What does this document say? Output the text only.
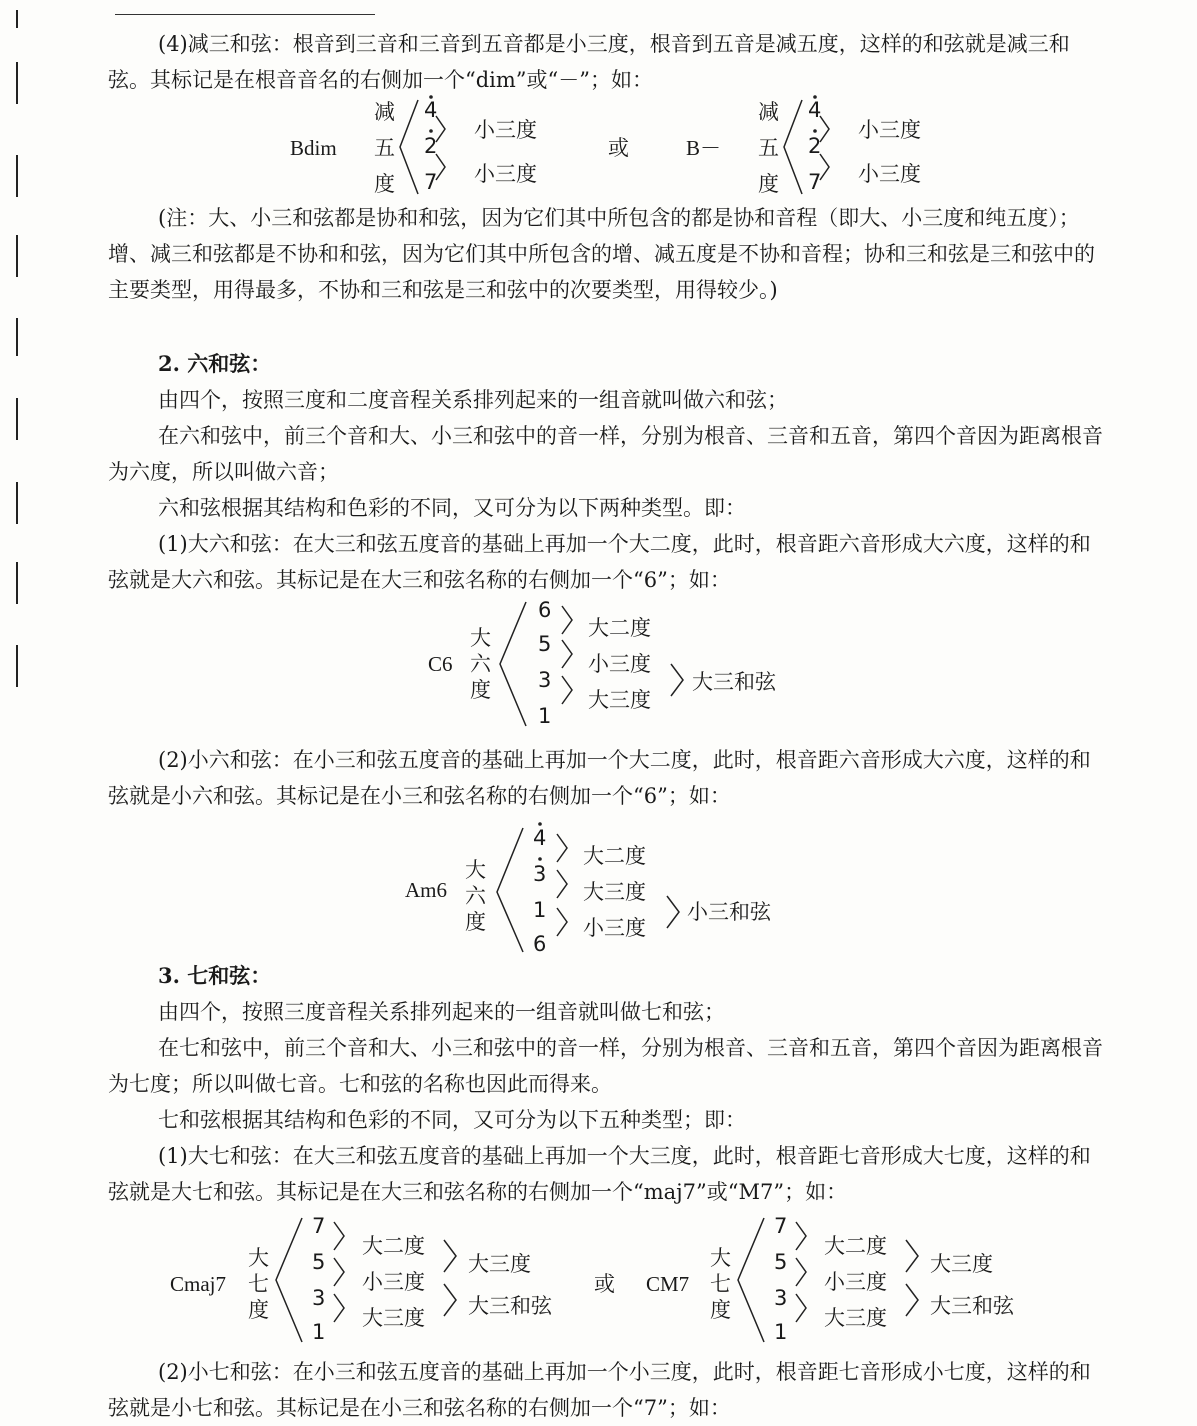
(4)减三和弦：根音到三音和三音到五音都是小三度，根音到五音是减五度，这样的和弦就是减三和弦。其标记是在根音音名的右侧加一个“dim”或“－”；如：
Bdim
减
五
度
4
2
7
小三度
小三度
或	B－
减
五
度
4
2
7
小三度
小三度
(注：大、小三和弦都是协和和弦，因为它们其中所包含的都是协和音程（即大、小三度和纯五度）；增、减三和弦都是不协和和弦，因为它们其中所包含的增、减五度是不协和音程；协和三和弦是三和弦中的主要类型，用得最多，不协和三和弦是三和弦中的次要类型，用得较少。)
2. 六和弦：
由四个，按照三度和二度音程关系排列起来的一组音就叫做六和弦；
在六和弦中，前三个音和大、小三和弦中的音一样，分别为根音、三音和五音，第四个音因为距离根音为六度，所以叫做六音；
六和弦根据其结构和色彩的不同，又可分为以下两种类型。即：
(1)大六和弦：在大三和弦五度音的基础上再加一个大二度，此时，根音距六音形成大六度，这样的和弦就是大六和弦。其标记是在大三和弦名称的右侧加一个“6”；如：
C6
大
六
度
6
5
3
1
大二度
小三度
大三度
大三和弦
(2)小六和弦：在小三和弦五度音的基础上再加一个大二度，此时，根音距六音形成大六度，这样的和弦就是小六和弦。其标记是在小三和弦名称的右侧加一个“6”；如：
Am6
大
六
度
4
3
1
6
大二度
大三度
小三度
小三和弦
3. 七和弦：
由四个，按照三度音程关系排列起来的一组音就叫做七和弦；
在七和弦中，前三个音和大、小三和弦中的音一样，分别为根音、三音和五音，第四个音因为距离根音为七度；所以叫做七音。七和弦的名称也因此而得来。
七和弦根据其结构和色彩的不同，又可分为以下五种类型；即：
(1)大七和弦：在大三和弦五度音的基础上再加一个大三度，此时，根音距七音形成大七度，这样的和弦就是大七和弦。其标记是在大三和弦名称的右侧加一个“maj7”或“M7”；如：
Cmaj7
大
七
度
7
5
3
1
大二度
小三度
大三度
大三度
大三和弦
或 CM7
大
七
度
7
5
3
1
大二度
小三度
大三度
大三度
大三和弦
(2)小七和弦：在小三和弦五度音的基础上再加一个小三度，此时，根音距七音形成小七度，这样的和弦就是小七和弦。其标记是在小三和弦名称的右侧加一个“7”；如：
